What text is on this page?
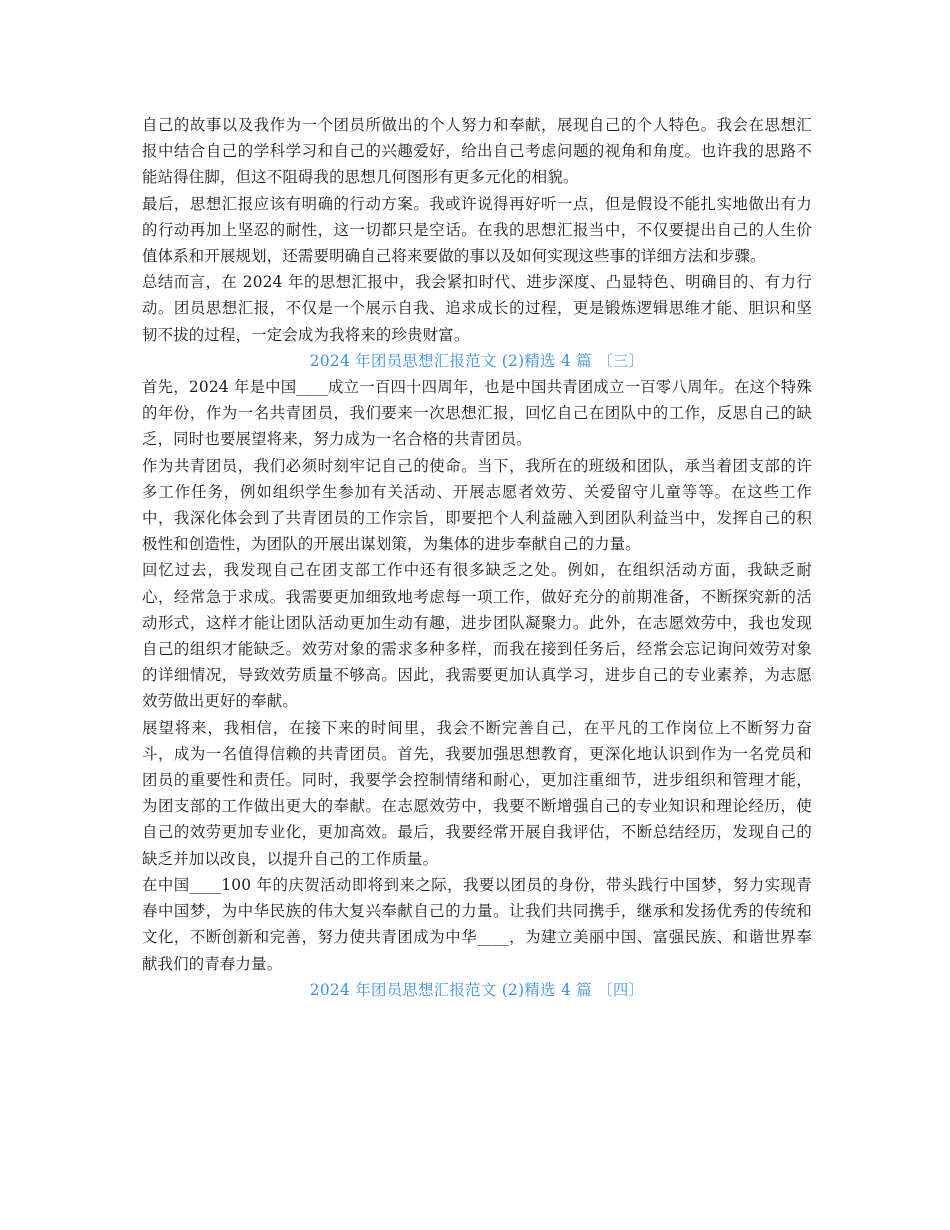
自己的故事以及我作为一个团员所做出的个人努力和奉献，展现自己的个人特色。我会在思想汇报中结合自己的学科学习和自己的兴趣爱好，给出自己考虑问题的视角和角度。也许我的思路不能站得住脚，但这不阻碍我的思想几何图形有更多元化的相貌。

最后，思想汇报应该有明确的行动方案。我或许说得再好听一点，但是假设不能扎实地做出有力的行动再加上坚忍的耐性，这一切都只是空话。在我的思想汇报当中，不仅要提出自己的人生价值体系和开展规划，还需要明确自己将来要做的事以及如何实现这些事的详细方法和步骤。

总结而言，在 2024 年的思想汇报中，我会紧扣时代、进步深度、凸显特色、明确目的、有力行动。团员思想汇报，不仅是一个展示自我、追求成长的过程，更是锻炼逻辑思维才能、胆识和坚韧不拔的过程，一定会成为我将来的珍贵财富。

2024 年团员思想汇报范文 (2)精选 4 篇 〔三〕

首先，2024 年是中国____成立一百四十四周年，也是中国共青团成立一百零八周年。在这个特殊的年份，作为一名共青团员，我们要来一次思想汇报，回忆自己在团队中的工作，反思自己的缺乏，同时也要展望将来，努力成为一名合格的共青团员。

作为共青团员，我们必须时刻牢记自己的使命。当下，我所在的班级和团队，承当着团支部的许多工作任务，例如组织学生参加有关活动、开展志愿者效劳、关爱留守儿童等等。在这些工作中，我深化体会到了共青团员的工作宗旨，即要把个人利益融入到团队利益当中，发挥自己的积极性和创造性，为团队的开展出谋划策，为集体的进步奉献自己的力量。

回忆过去，我发现自己在团支部工作中还有很多缺乏之处。例如，在组织活动方面，我缺乏耐心，经常急于求成。我需要更加细致地考虑每一项工作，做好充分的前期准备，不断探究新的活动形式，这样才能让团队活动更加生动有趣，进步团队凝聚力。此外，在志愿效劳中，我也发现自己的组织才能缺乏。效劳对象的需求多种多样，而我在接到任务后，经常会忘记询问效劳对象的详细情况，导致效劳质量不够高。因此，我需要更加认真学习，进步自己的专业素养，为志愿效劳做出更好的奉献。

展望将来，我相信，在接下来的时间里，我会不断完善自己，在平凡的工作岗位上不断努力奋斗，成为一名值得信赖的共青团员。首先，我要加强思想教育，更深化地认识到作为一名党员和团员的重要性和责任。同时，我要学会控制情绪和耐心，更加注重细节，进步组织和管理才能，为团支部的工作做出更大的奉献。在志愿效劳中，我要不断增强自己的专业知识和理论经历，使自己的效劳更加专业化，更加高效。最后，我要经常开展自我评估，不断总结经历，发现自己的缺乏并加以改良，以提升自己的工作质量。

在中国____100 年的庆贺活动即将到来之际，我要以团员的身份，带头践行中国梦，努力实现青春中国梦，为中华民族的伟大复兴奉献自己的力量。让我们共同携手，继承和发扬优秀的传统和文化，不断创新和完善，努力使共青团成为中华____，为建立美丽中国、富强民族、和谐世界奉献我们的青春力量。

2024 年团员思想汇报范文 (2)精选 4 篇 〔四〕
